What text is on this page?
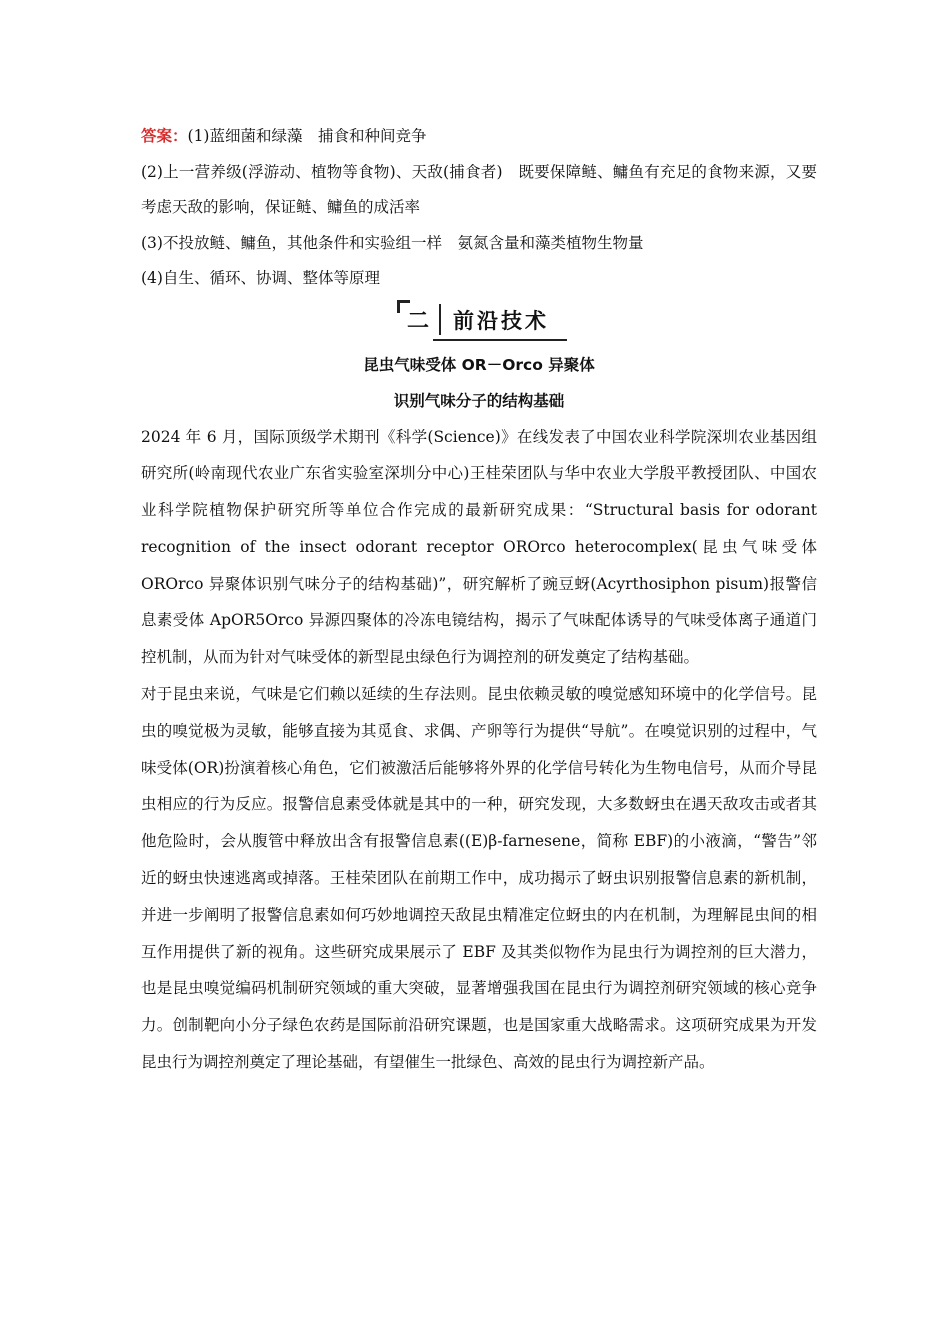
答案：(1)蓝细菌和绿藻　捕食和种间竞争

(2)上一营养级(浮游动、植物等食物)、天敌(捕食者)　既要保障鲢、鳙鱼有充足的食物来源，又要考虑天敌的影响，保证鲢、鳙鱼的成活率

(3)不投放鲢、鳙鱼，其他条件和实验组一样　氨氮含量和藻类植物生物量

(4)自生、循环、协调、整体等原理

二	前沿技术

昆虫气味受体 OR－Orco 异聚体

识别气味分子的结构基础

2024 年 6 月，国际顶级学术期刊《科学(Science)》在线发表了中国农业科学院深圳农业基因组研究所(岭南现代农业广东省实验室深圳分中心)王桂荣团队与华中农业大学殷平教授团队、中国农业科学院植物保护研究所等单位合作完成的最新研究成果：“Structural basis for odorant recognition of the insect odorant receptor OROrco heterocomplex(昆虫气味受体 OROrco 异聚体识别气味分子的结构基础)”，研究解析了豌豆蚜(Acyrthosiphon pisum)报警信息素受体 ApOR5Orco 异源四聚体的冷冻电镜结构，揭示了气味配体诱导的气味受体离子通道门控机制，从而为针对气味受体的新型昆虫绿色行为调控剂的研发奠定了结构基础。

对于昆虫来说，气味是它们赖以延续的生存法则。昆虫依赖灵敏的嗅觉感知环境中的化学信号。昆虫的嗅觉极为灵敏，能够直接为其觅食、求偶、产卵等行为提供“导航”。在嗅觉识别的过程中，气味受体(OR)扮演着核心角色，它们被激活后能够将外界的化学信号转化为生物电信号，从而介导昆虫相应的行为反应。报警信息素受体就是其中的一种，研究发现，大多数蚜虫在遇天敌攻击或者其他危险时，会从腹管中释放出含有报警信息素((E)β-farnesene，简称 EBF)的小液滴，“警告”邻近的蚜虫快速逃离或掉落。王桂荣团队在前期工作中，成功揭示了蚜虫识别报警信息素的新机制，并进一步阐明了报警信息素如何巧妙地调控天敌昆虫精准定位蚜虫的内在机制，为理解昆虫间的相互作用提供了新的视角。这些研究成果展示了 EBF 及其类似物作为昆虫行为调控剂的巨大潜力，也是昆虫嗅觉编码机制研究领域的重大突破，显著增强我国在昆虫行为调控剂研究领域的核心竞争力。创制靶向小分子绿色农药是国际前沿研究课题，也是国家重大战略需求。这项研究成果为开发昆虫行为调控剂奠定了理论基础，有望催生一批绿色、高效的昆虫行为调控新产品。
